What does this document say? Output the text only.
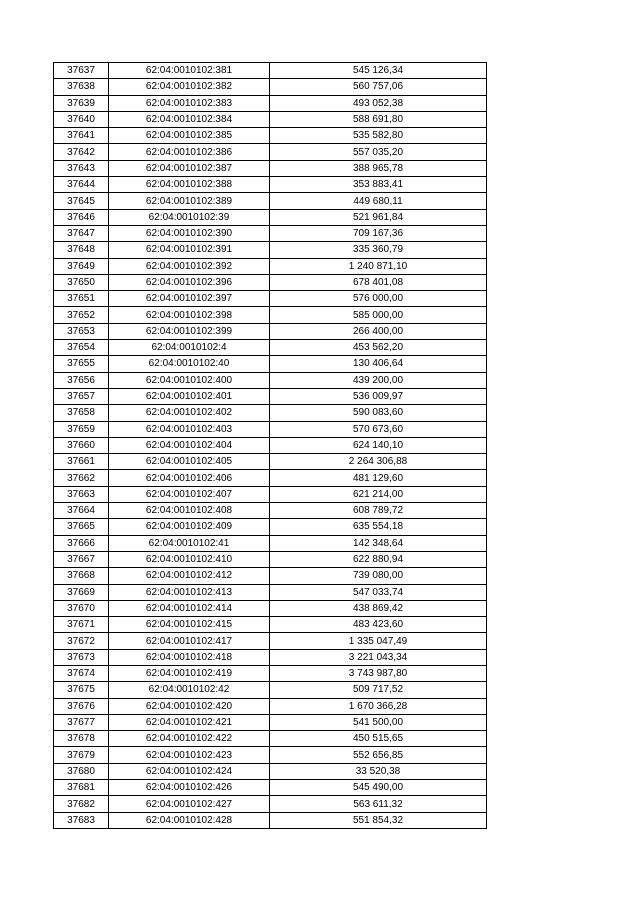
37637	62:04:0010102:381	545 126,34
37638	62:04:0010102:382	560 757,06
37639	62:04:0010102:383	493 052,38
37640	62:04:0010102:384	588 691,80
37641	62:04:0010102:385	535 582,80
37642	62:04:0010102:386	557 035,20
37643	62:04:0010102:387	388 965,78
37644	62:04:0010102:388	353 883,41
37645	62:04:0010102:389	449 680,11
37646	62:04:0010102:39	521 961,84
37647	62:04:0010102:390	709 167,36
37648	62:04:0010102:391	335 360,79
37649	62:04:0010102:392	1 240 871,10
37650	62:04:0010102:396	678 401,08
37651	62:04:0010102:397	576 000,00
37652	62:04:0010102:398	585 000,00
37653	62:04:0010102:399	266 400,00
37654	62:04:0010102:4	453 562,20
37655	62:04:0010102:40	130 406,64
37656	62:04:0010102:400	439 200,00
37657	62:04:0010102:401	536 009,97
37658	62:04:0010102:402	590 083,60
37659	62:04:0010102:403	570 673,60
37660	62:04:0010102:404	624 140,10
37661	62:04:0010102:405	2 264 306,88
37662	62:04:0010102:406	481 129,60
37663	62:04:0010102:407	621 214,00
37664	62:04:0010102:408	608 789,72
37665	62:04:0010102:409	635 554,18
37666	62:04:0010102:41	142 348,64
37667	62:04:0010102:410	622 880,94
37668	62:04:0010102:412	739 080,00
37669	62:04:0010102:413	547 033,74
37670	62:04:0010102:414	438 869,42
37671	62:04:0010102:415	483 423,60
37672	62:04:0010102:417	1 335 047,49
37673	62:04:0010102:418	3 221 043,34
37674	62:04:0010102:419	3 743 987,80
37675	62:04:0010102:42	509 717,52
37676	62:04:0010102:420	1 670 366,28
37677	62:04:0010102:421	541 500,00
37678	62:04:0010102:422	450 515,65
37679	62:04:0010102:423	552 656,85
37680	62:04:0010102:424	33 520,38
37681	62:04:0010102:426	545 490,00
37682	62:04:0010102:427	563 611,32
37683	62:04:0010102:428	551 854,32
